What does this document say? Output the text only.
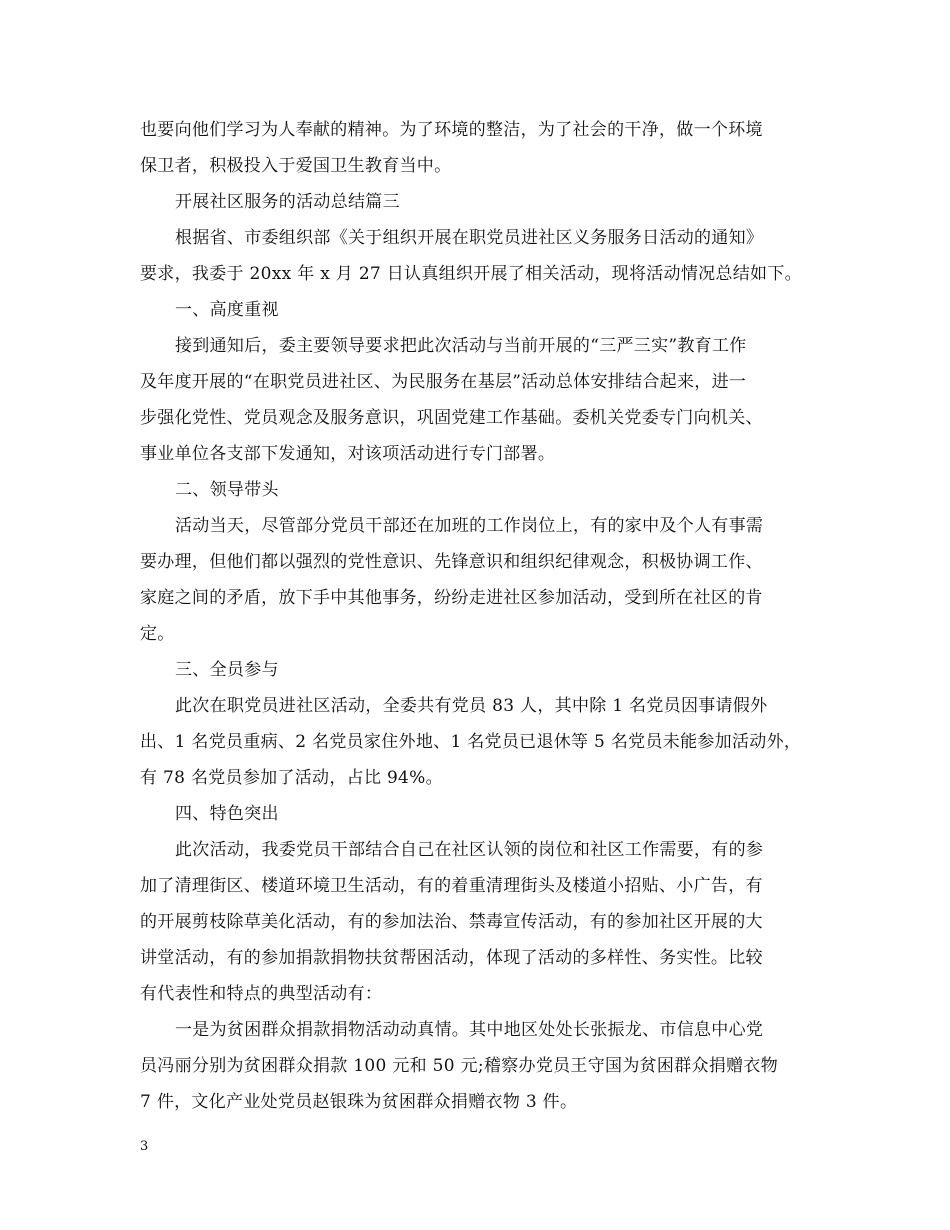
也要向他们学习为人奉献的精神。为了环境的整洁，为了社会的干净，做一个环境
保卫者，积极投入于爱国卫生教育当中。
开展社区服务的活动总结篇三
根据省、市委组织部《关于组织开展在职党员进社区义务服务日活动的通知》
要求，我委于 20xx 年 x 月 27 日认真组织开展了相关活动，现将活动情况总结如下。
一、高度重视
接到通知后，委主要领导要求把此次活动与当前开展的“三严三实”教育工作
及年度开展的“在职党员进社区、为民服务在基层”活动总体安排结合起来，进一
步强化党性、党员观念及服务意识，巩固党建工作基础。委机关党委专门向机关、
事业单位各支部下发通知，对该项活动进行专门部署。
二、领导带头
活动当天，尽管部分党员干部还在加班的工作岗位上，有的家中及个人有事需
要办理，但他们都以强烈的党性意识、先锋意识和组织纪律观念，积极协调工作、
家庭之间的矛盾，放下手中其他事务，纷纷走进社区参加活动，受到所在社区的肯
定。
三、全员参与
此次在职党员进社区活动，全委共有党员 83 人，其中除 1 名党员因事请假外
出、1 名党员重病、2 名党员家住外地、1 名党员已退休等 5 名党员未能参加活动外，
有 78 名党员参加了活动，占比 94%。
四、特色突出
此次活动，我委党员干部结合自己在社区认领的岗位和社区工作需要，有的参
加了清理街区、楼道环境卫生活动，有的着重清理街头及楼道小招贴、小广告，有
的开展剪枝除草美化活动，有的参加法治、禁毒宣传活动，有的参加社区开展的大
讲堂活动，有的参加捐款捐物扶贫帮困活动，体现了活动的多样性、务实性。比较
有代表性和特点的典型活动有：
一是为贫困群众捐款捐物活动动真情。其中地区处处长张振龙、市信息中心党
员冯丽分别为贫困群众捐款 100 元和 50 元;稽察办党员王守国为贫困群众捐赠衣物
7 件，文化产业处党员赵银珠为贫困群众捐赠衣物 3 件。
3
